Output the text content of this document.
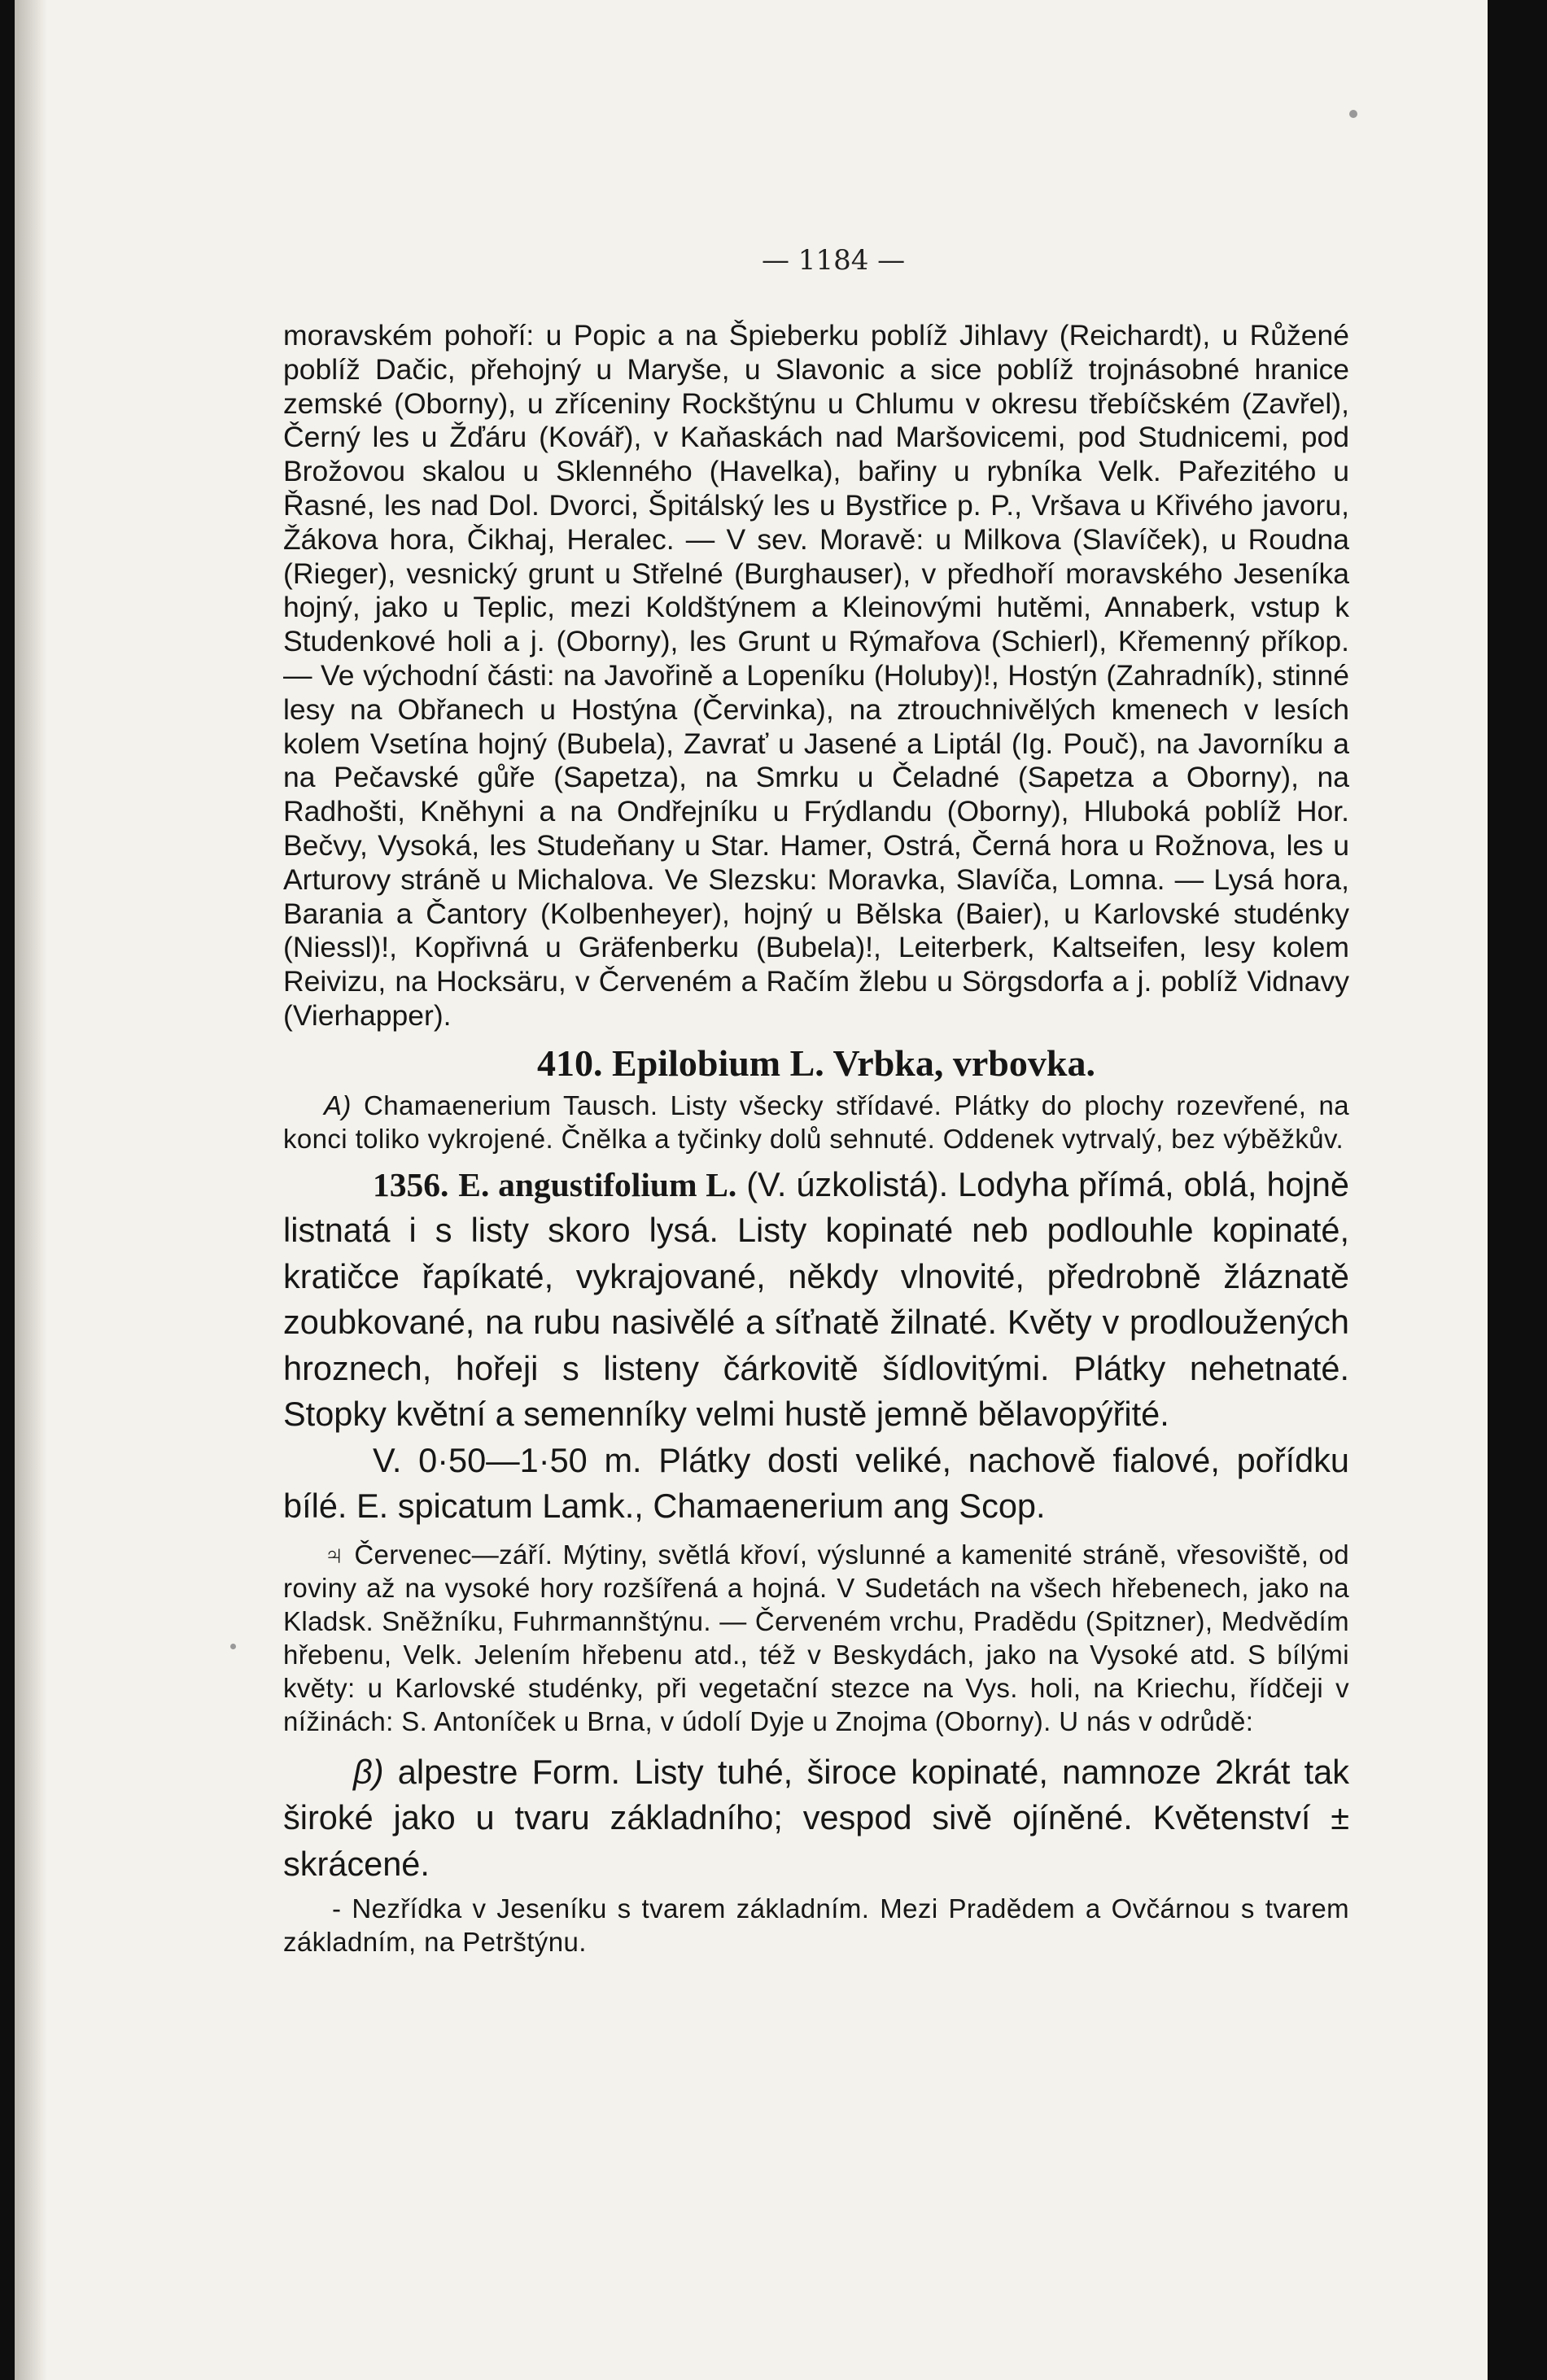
— 1184 —

moravském pohoří: u Popic a na Špieberku poblíž Jihlavy (Reichardt), u Růžené poblíž Dačic, přehojný u Maryše, u Slavonic a sice poblíž trojnásobné hranice zemské (Oborny), u zříceniny Rockštýnu u Chlumu v okresu třebíčském (Zavřel), Černý les u Žďáru (Kovář), v Kaňaskách nad Maršovicemi, pod Studnicemi, pod Brožovou skalou u Sklenného (Havelka), bařiny u rybníka Velk. Pařezitého u Řasné, les nad Dol. Dvorci, Špitálský les u Bystřice p. P., Vršava u Křivého javoru, Žákova hora, Čikhaj, Heralec. — V sev. Moravě: u Milkova (Slavíček), u Roudna (Rieger), vesnický grunt u Střelné (Burghauser), v předhoří moravského Jeseníka hojný, jako u Teplic, mezi Koldštýnem a Kleinovými hutěmi, Annaberk, vstup k Studenkové holi a j. (Oborny), les Grunt u Rýmařova (Schierl), Křemenný příkop. — Ve východní části: na Javořině a Lopeníku (Holuby)!, Hostýn (Zahradník), stinné lesy na Obřanech u Hostýna (Červinka), na ztrouchnivělých kmenech v lesích kolem Vsetína hojný (Bubela), Zavrať u Jasené a Liptál (Ig. Pouč), na Javorníku a na Pečavské gůře (Sapetza), na Smrku u Čeladné (Sapetza a Oborny), na Radhošti, Kněhyni a na Ondřejníku u Frýdlandu (Oborny), Hluboká poblíž Hor. Bečvy, Vysoká, les Studeňany u Star. Hamer, Ostrá, Černá hora u Rožnova, les u Arturovy stráně u Michalova. Ve Slezsku: Moravka, Slavíča, Lomna. — Lysá hora, Barania a Čantory (Kolbenheyer), hojný u Bělska (Baier), u Karlovské studénky (Niessl)!, Kopřivná u Gräfenberku (Bubela)!, Leiterberk, Kaltseifen, lesy kolem Reivizu, na Hocksäru, v Červeném a Račím žlebu u Sörgsdorfa a j. poblíž Vidnavy (Vierhapper).

410. Epilobium L. Vrbka, vrbovka.

A) Chamaenerium Tausch. Listy všecky střídavé. Plátky do plochy rozevřené, na konci toliko vykrojené. Čnělka a tyčinky dolů sehnuté. Oddenek vytrvalý, bez výběžkův.

1356. E. angustifolium L. (V. úzkolistá). Lodyha přímá, oblá, hojně listnatá i s listy skoro lysá. Listy kopinaté neb podlouhle kopinaté, kratičce řapíkaté, vykrajované, někdy vlnovité, předrobně žláznatě zoubkované, na rubu nasivělé a síťnatě žilnaté. Květy v prodloužených hroznech, hořeji s listeny čárkovitě šídlovitými. Plátky nehetnaté. Stopky květní a semenníky velmi hustě jemně bělavopýřité.

V. 0·50—1·50 m. Plátky dosti veliké, nachově fialové, pořídku bílé. E. spicatum Lamk., Chamaenerium ang Scop.

♃ Červenec—září. Mýtiny, světlá křoví, výslunné a kamenité stráně, vřesoviště, od roviny až na vysoké hory rozšířená a hojná. V Sudetách na všech hřebenech, jako na Kladsk. Sněžníku, Fuhrmannštýnu. — Červeném vrchu, Pradědu (Spitzner), Medvědím hřebenu, Velk. Jelením hřebenu atd., též v Beskydách, jako na Vysoké atd. S bílými květy: u Karlovské studénky, při vegetační stezce na Vys. holi, na Kriechu, řídčeji v nížinách: S. Antoníček u Brna, v údolí Dyje u Znojma (Oborny). U nás v odrůdě:

β) alpestre Form. Listy tuhé, široce kopinaté, namnoze 2krát tak široké jako u tvaru základního; vespod sivě ojíněné. Květenství ± skrácené.

- Nezřídka v Jeseníku s tvarem základním. Mezi Pradědem a Ovčárnou s tvarem základním, na Petrštýnu.
